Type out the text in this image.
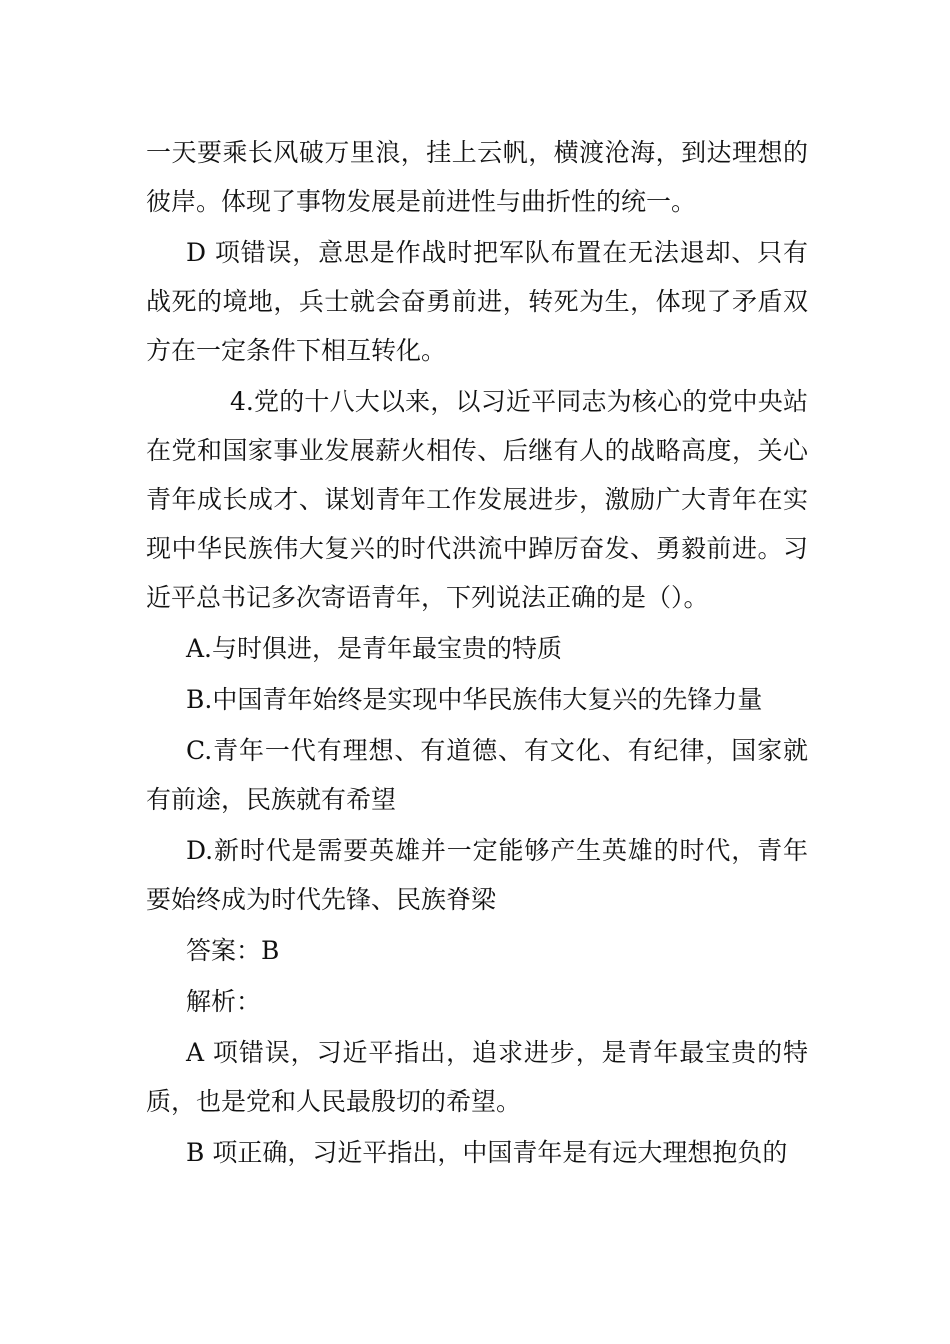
一天要乘长风破万里浪，挂上云帆，横渡沧海，到达理想的彼岸。体现了事物发展是前进性与曲折性的统一。

D 项错误，意思是作战时把军队布置在无法退却、只有战死的境地，兵士就会奋勇前进，转死为生，体现了矛盾双方在一定条件下相互转化。

4.党的十八大以来，以习近平同志为核心的党中央站在党和国家事业发展薪火相传、后继有人的战略高度，关心青年成长成才、谋划青年工作发展进步，激励广大青年在实现中华民族伟大复兴的时代洪流中踔厉奋发、勇毅前进。习近平总书记多次寄语青年，下列说法正确的是（）。

A.与时俱进，是青年最宝贵的特质

B.中国青年始终是实现中华民族伟大复兴的先锋力量

C.青年一代有理想、有道德、有文化、有纪律，国家就有前途，民族就有希望

D.新时代是需要英雄并一定能够产生英雄的时代，青年要始终成为时代先锋、民族脊梁

答案：B

解析：

A 项错误，习近平指出，追求进步，是青年最宝贵的特质，也是党和人民最殷切的希望。

B 项正确，习近平指出，中国青年是有远大理想抱负的
